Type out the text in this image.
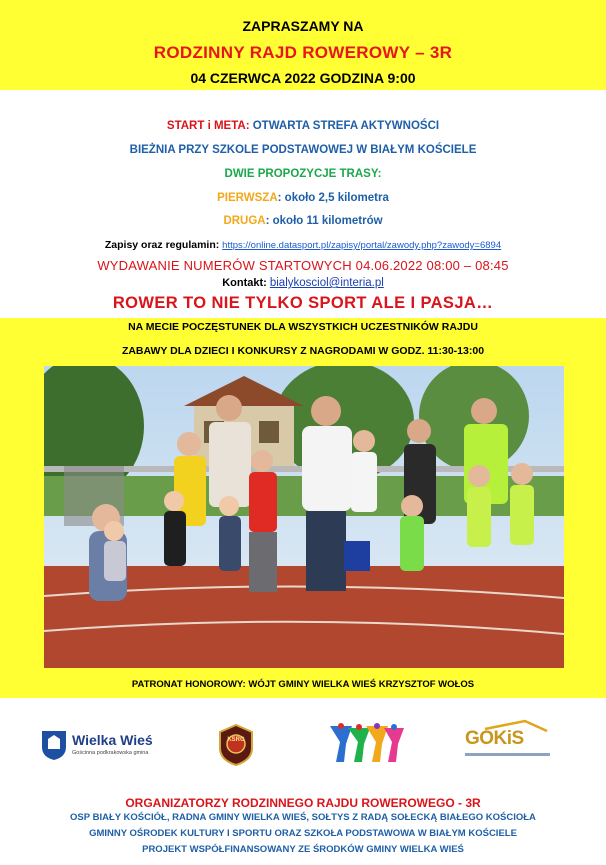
ZAPRASZAMY NA
RODZINNY RAJD ROWEROWY – 3R
04 CZERWCA 2022 GODZINA 9:00
START i META: OTWARTA STREFA AKTYWNOŚCI
BIEŻNIA PRZY SZKOLE PODSTAWOWEJ W BIAŁYM KOŚCIELE
DWIE PROPOZYCJE TRASY:
PIERWSZA: około 2,5 kilometra
DRUGA: około 11 kilometrów
Zapisy oraz regulamin: https://online.datasport.pl/zapisy/portal/zawody.php?zawody=6894
WYDAWANIE NUMERÓW STARTOWYCH 04.06.2022 08:00 – 08:45
Kontakt: bialykosciol@interia.pl
ROWER TO NIE TYLKO SPORT ALE I PASJA…
NA MECIE POCZĘSTUNEK DLA WSZYSTKICH UCZESTNIKÓW RAJDU
ZABAWY DLA DZIECI I KONKURSY Z NAGRODAMI W GODZ. 11:30-13:00
PATRONAT HONOROWY: WÓJT GMINY WIELKA WIEŚ KRZYSZTOF WOŁOS
Wielka Wieś
Gościnna podkrakowska gmina
KSRG	GOKiS
ORGANIZATORZY RODZINNEGO RAJDU ROWEROWEGO - 3R
OSP BIAŁY KOŚCIÓŁ, RADNA GMINY WIELKA WIEŚ, SOŁTYS Z RADĄ SOŁECKĄ BIAŁEGO KOŚCIOŁA
GMINNY OŚRODEK KULTURY I SPORTU ORAZ SZKOŁA PODSTAWOWA W BIAŁYM KOŚCIELE
PROJEKT WSPÓŁFINANSOWANY ZE ŚRODKÓW GMINY WIELKA WIEŚ
